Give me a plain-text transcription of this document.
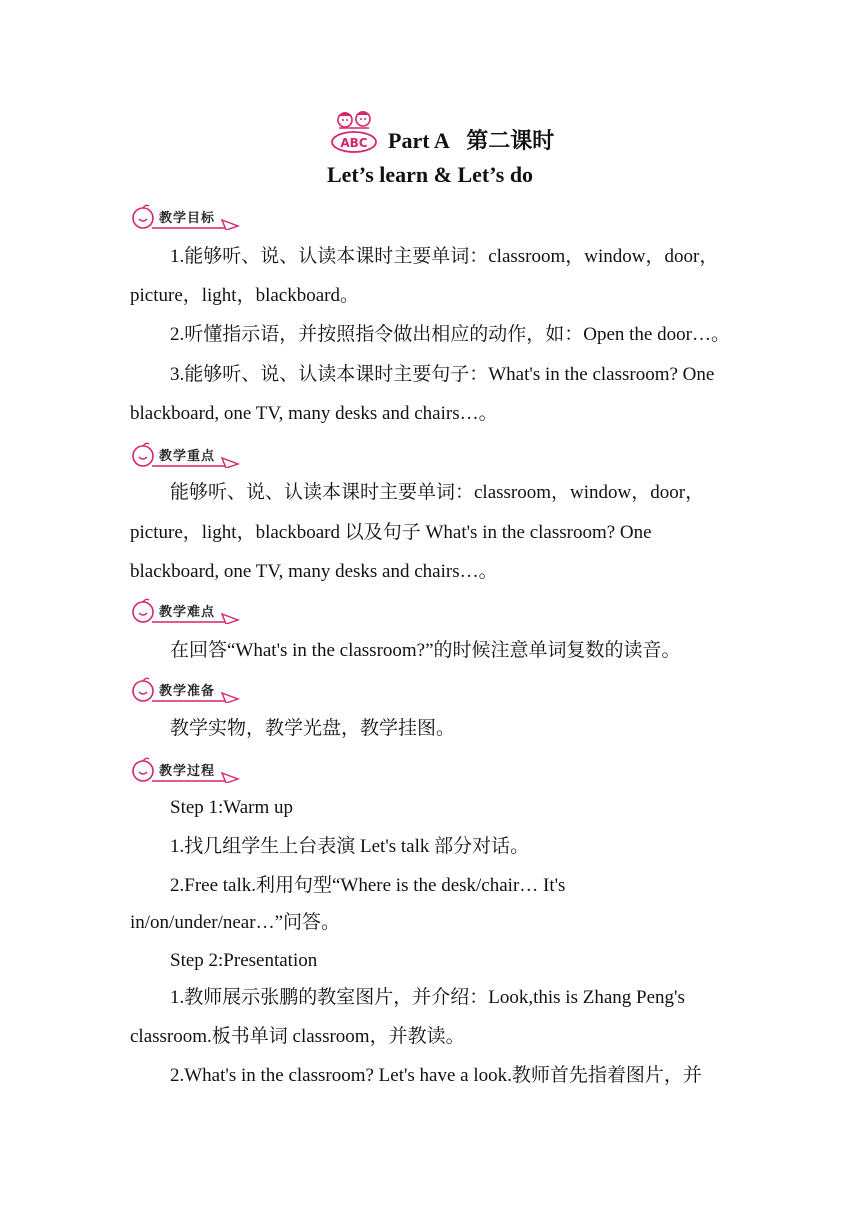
ABC Part A 第二课时
Let’s learn & Let’s do
教学目标
1.能够听、说、认读本课时主要单词：classroom，window，door，
picture，light，blackboard。
2.听懂指示语，并按照指令做出相应的动作，如：Open the door…。
3.能够听、说、认读本课时主要句子：What's in the classroom? One
blackboard, one TV, many desks and chairs…。
教学重点
能够听、说、认读本课时主要单词：classroom，window，door，
picture，light，blackboard 以及句子 What's in the classroom? One
blackboard, one TV, many desks and chairs…。
教学难点
在回答“What's in the classroom?”的时候注意单词复数的读音。
教学准备
教学实物，教学光盘，教学挂图。
教学过程
Step 1:Warm up
1.找几组学生上台表演 Let's talk 部分对话。
2.Free talk.利用句型“Where is the desk/chair… It's
in/on/under/near…”问答。
Step 2:Presentation
1.教师展示张鹏的教室图片，并介绍：Look,this is Zhang Peng's
classroom.板书单词 classroom，并教读。
2.What's in the classroom? Let's have a look.教师首先指着图片，并
